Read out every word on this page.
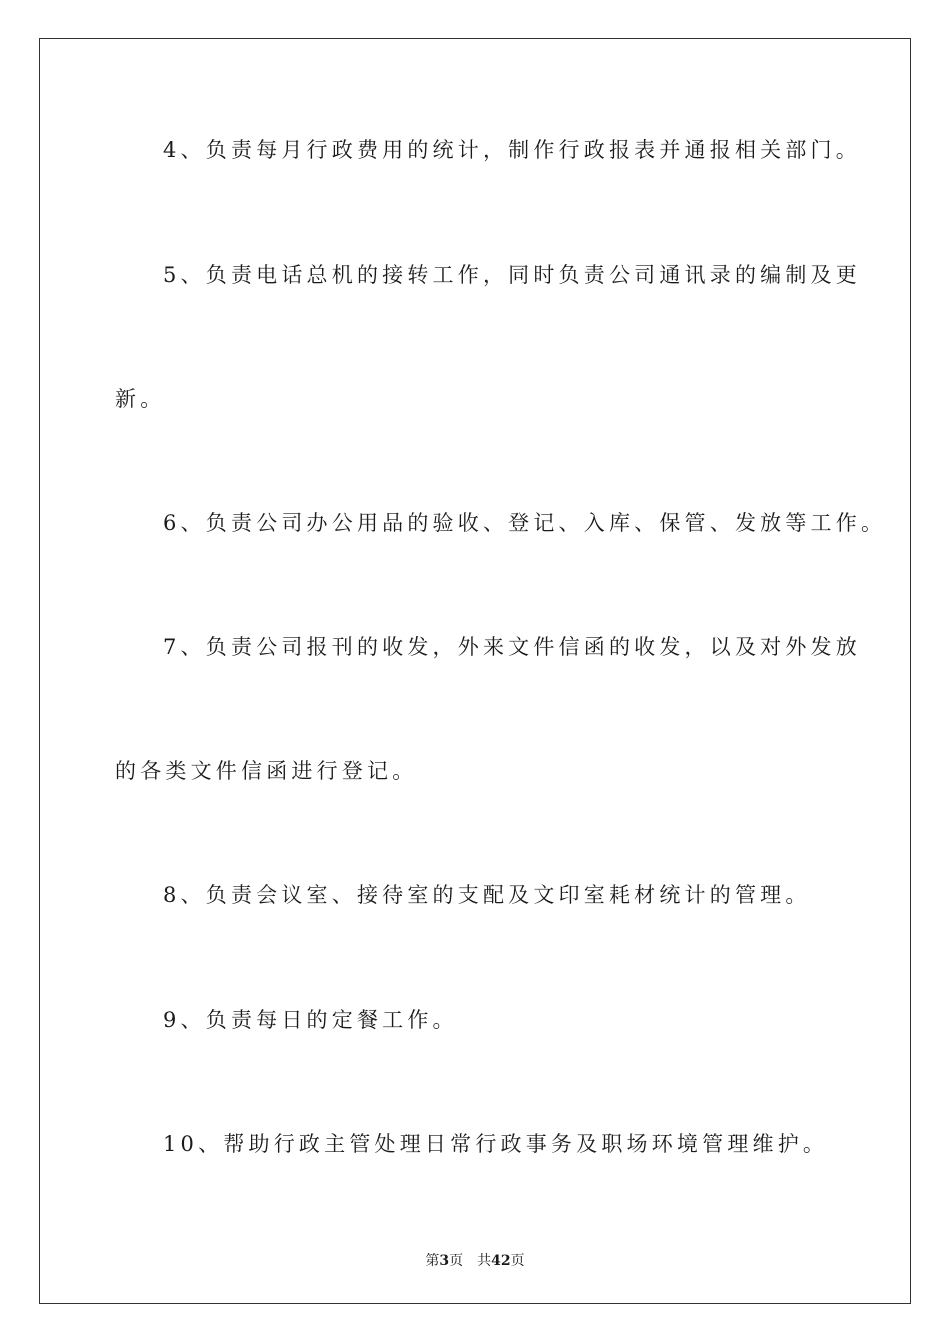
4、负责每月行政费用的统计，制作行政报表并通报相关部门。
5、负责电话总机的接转工作，同时负责公司通讯录的编制及更
新。
6、负责公司办公用品的验收、登记、入库、保管、发放等工作。
7、负责公司报刊的收发，外来文件信函的收发，以及对外发放
的各类文件信函进行登记。
8、负责会议室、接待室的支配及文印室耗材统计的管理。
9、负责每日的定餐工作。
10、帮助行政主管处理日常行政事务及职场环境管理维护。
第3页 共42页
